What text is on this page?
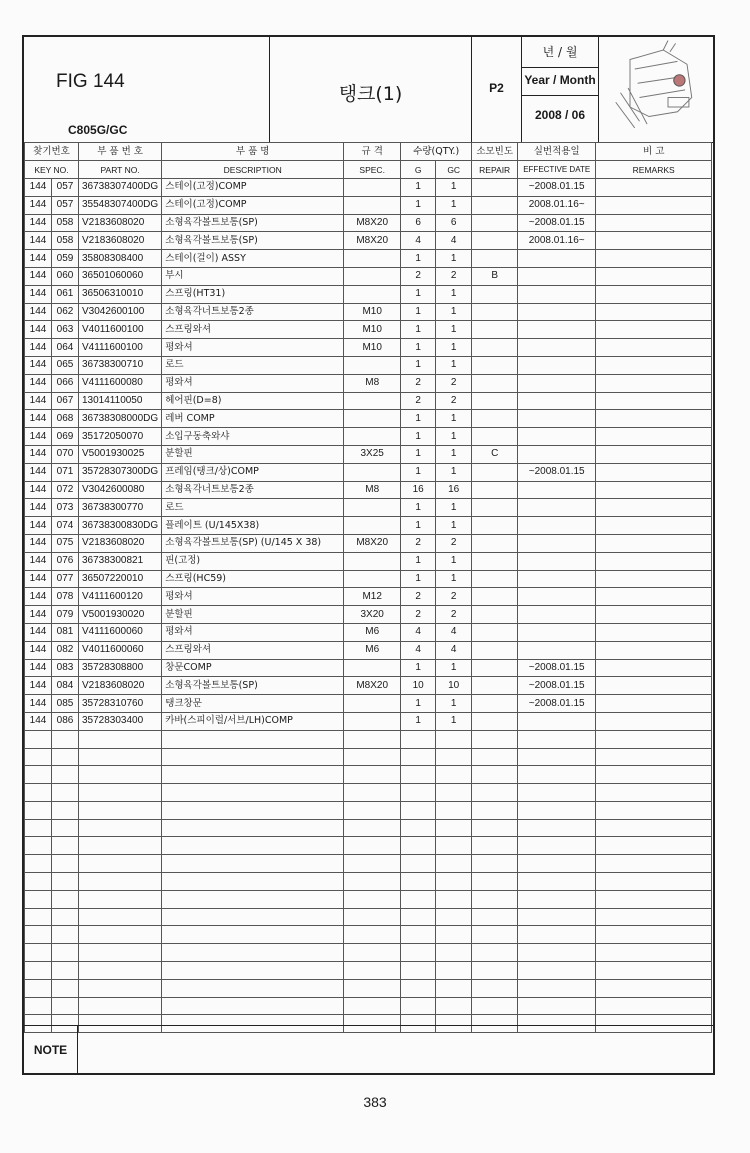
FIG 144
C805G/GC
탱크(1)	P2
년 / 월
Year / Month
2008 / 06
찾기번호		부 품 번 호	부 품 명	규 격	수량(QTY.)		소모빈도	실번적용일	비 고
KEY NO.		PART NO.	DESCRIPTION	SPEC.	G	GC	REPAIR	EFFECTIVE DATE	REMARKS
144	057	36738307400DG	스테이(고정)COMP		1	1		~2008.01.15	
144	057	35548307400DG	스테이(고정)COMP		1	1		2008.01.16~	
144	058	V2183608020	소형육각볼트보통(SP)	M8X20	6	6		~2008.01.15	
144	058	V2183608020	소형육각볼트보통(SP)	M8X20	4	4		2008.01.16~	
144	059	35808308400	스테이(걸이) ASSY		1	1			
144	060	36501060060	부시		2	2	B		
144	061	36506310010	스프링(HT31)		1	1			
144	062	V3042600100	소형육각너트보통2종	M10	1	1			
144	063	V4011600100	스프링와셔	M10	1	1			
144	064	V4111600100	평와셔	M10	1	1			
144	065	36738300710	로드		1	1			
144	066	V4111600080	평와셔	M8	2	2			
144	067	13014110050	헤어핀(D=8)		2	2			
144	068	36738308000DG	레버 COMP		1	1			
144	069	35172050070	소입구동축와샤		1	1			
144	070	V5001930025	분할핀	3X25	1	1	C		
144	071	35728307300DG	프레임(탱크/상)COMP		1	1		~2008.01.15	
144	072	V3042600080	소형육각너트보통2종	M8	16	16			
144	073	36738300770	로드		1	1			
144	074	36738300830DG	플레이트 (U/145X38)		1	1			
144	075	V2183608020	소형육각볼트보통(SP) (U/145 X 38)	M8X20	2	2			
144	076	36738300821	핀(고정)		1	1			
144	077	36507220010	스프링(HC59)		1	1			
144	078	V4111600120	평와셔	M12	2	2			
144	079	V5001930020	분할핀	3X20	2	2			
144	081	V4111600060	평와셔	M6	4	4			
144	082	V4011600060	스프링와셔	M6	4	4			
144	083	35728308800	창문COMP		1	1		~2008.01.15	
144	084	V2183608020	소형육각볼트보통(SP)	M8X20	10	10		~2008.01.15	
144	085	35728310760	탱크창문		1	1		~2008.01.15	
144	086	35728303400	카바(스피이럴/서브/LH)COMP		1	1			

NOTE
383
